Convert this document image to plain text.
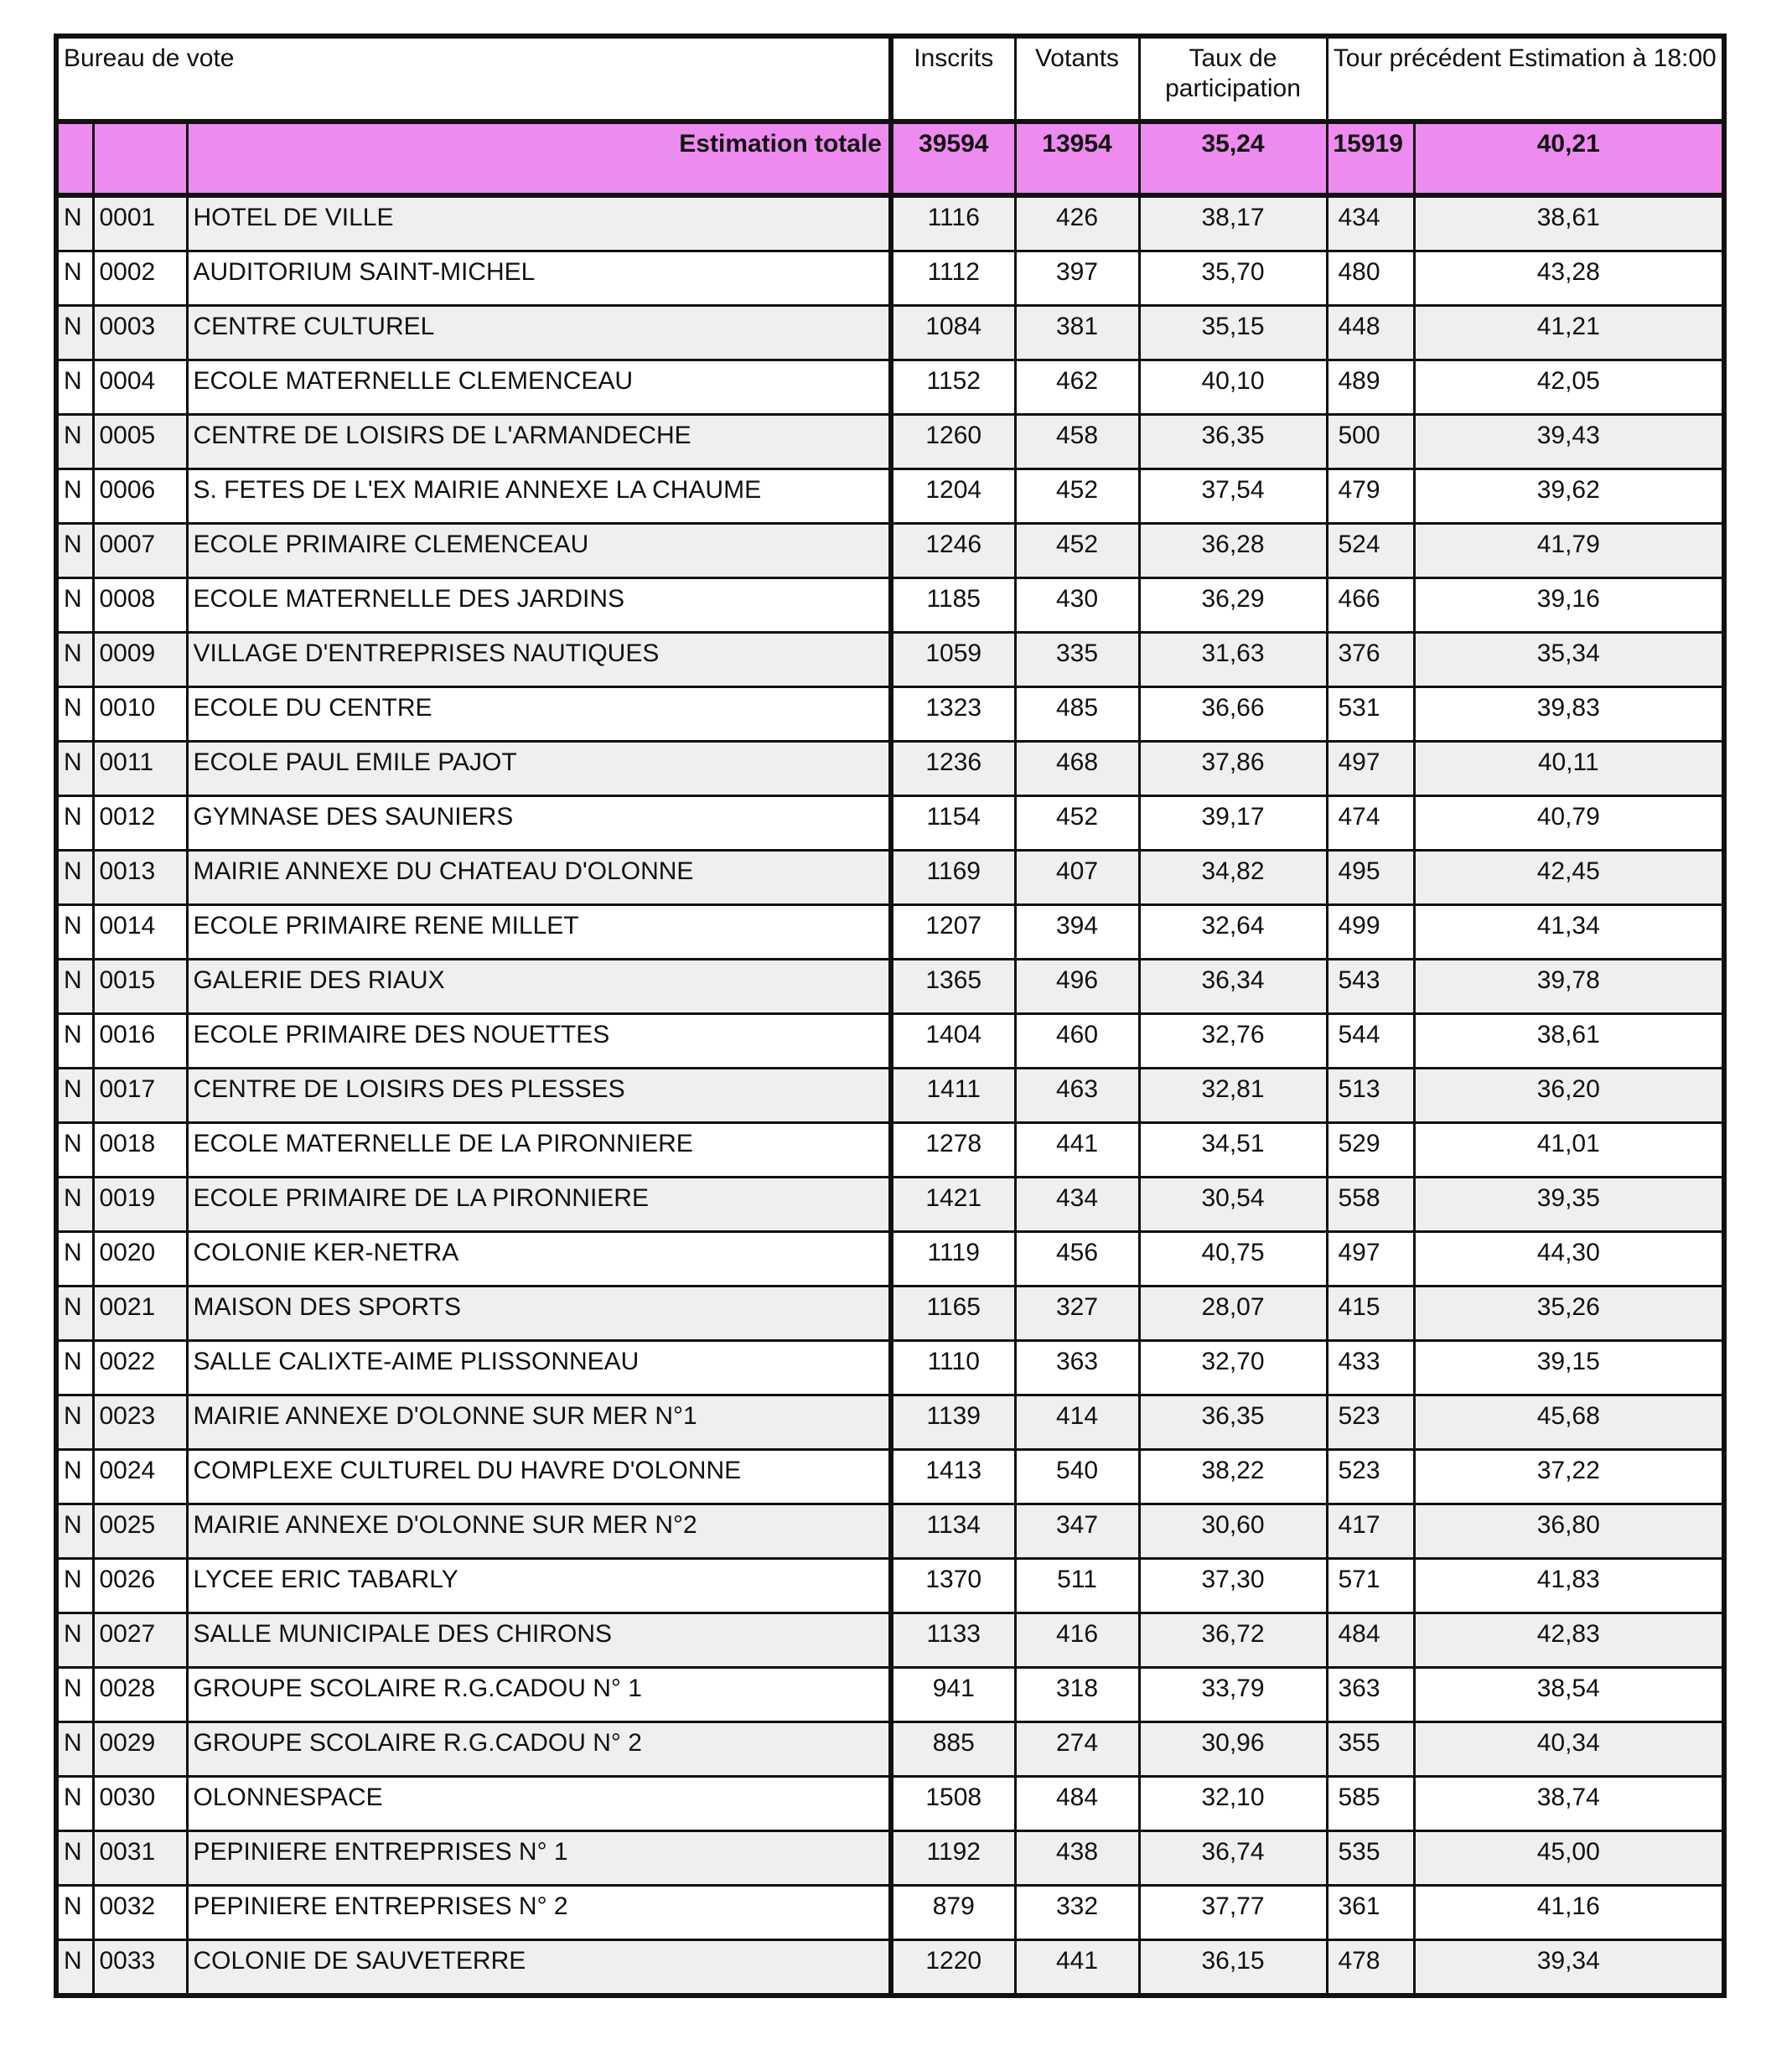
Bureau de vote			Inscrits	Votants	Taux de participation	Tour précédent Estimation à 18:00	
		Estimation totale	39594	13954	35,24	15919	40,21
N	0001	HOTEL DE VILLE	1116	426	38,17	434	38,61
N	0002	AUDITORIUM SAINT-MICHEL	1112	397	35,70	480	43,28
N	0003	CENTRE CULTUREL	1084	381	35,15	448	41,21
N	0004	ECOLE MATERNELLE CLEMENCEAU	1152	462	40,10	489	42,05
N	0005	CENTRE DE LOISIRS DE L'ARMANDECHE	1260	458	36,35	500	39,43
N	0006	S. FETES DE L'EX MAIRIE ANNEXE LA CHAUME	1204	452	37,54	479	39,62
N	0007	ECOLE PRIMAIRE CLEMENCEAU	1246	452	36,28	524	41,79
N	0008	ECOLE MATERNELLE DES JARDINS	1185	430	36,29	466	39,16
N	0009	VILLAGE D'ENTREPRISES NAUTIQUES	1059	335	31,63	376	35,34
N	0010	ECOLE DU CENTRE	1323	485	36,66	531	39,83
N	0011	ECOLE PAUL EMILE PAJOT	1236	468	37,86	497	40,11
N	0012	GYMNASE DES SAUNIERS	1154	452	39,17	474	40,79
N	0013	MAIRIE ANNEXE DU CHATEAU D'OLONNE	1169	407	34,82	495	42,45
N	0014	ECOLE PRIMAIRE RENE MILLET	1207	394	32,64	499	41,34
N	0015	GALERIE DES RIAUX	1365	496	36,34	543	39,78
N	0016	ECOLE PRIMAIRE DES NOUETTES	1404	460	32,76	544	38,61
N	0017	CENTRE DE LOISIRS DES PLESSES	1411	463	32,81	513	36,20
N	0018	ECOLE MATERNELLE DE LA PIRONNIERE	1278	441	34,51	529	41,01
N	0019	ECOLE PRIMAIRE DE LA PIRONNIERE	1421	434	30,54	558	39,35
N	0020	COLONIE KER-NETRA	1119	456	40,75	497	44,30
N	0021	MAISON DES SPORTS	1165	327	28,07	415	35,26
N	0022	SALLE CALIXTE-AIME PLISSONNEAU	1110	363	32,70	433	39,15
N	0023	MAIRIE ANNEXE D'OLONNE SUR MER N°1	1139	414	36,35	523	45,68
N	0024	COMPLEXE CULTUREL DU HAVRE D'OLONNE	1413	540	38,22	523	37,22
N	0025	MAIRIE ANNEXE D'OLONNE SUR MER N°2	1134	347	30,60	417	36,80
N	0026	LYCEE ERIC TABARLY	1370	511	37,30	571	41,83
N	0027	SALLE MUNICIPALE DES CHIRONS	1133	416	36,72	484	42,83
N	0028	GROUPE SCOLAIRE R.G.CADOU N° 1	941	318	33,79	363	38,54
N	0029	GROUPE SCOLAIRE R.G.CADOU N° 2	885	274	30,96	355	40,34
N	0030	OLONNESPACE	1508	484	32,10	585	38,74
N	0031	PEPINIERE ENTREPRISES N° 1	1192	438	36,74	535	45,00
N	0032	PEPINIERE ENTREPRISES N° 2	879	332	37,77	361	41,16
N	0033	COLONIE DE SAUVETERRE	1220	441	36,15	478	39,34
